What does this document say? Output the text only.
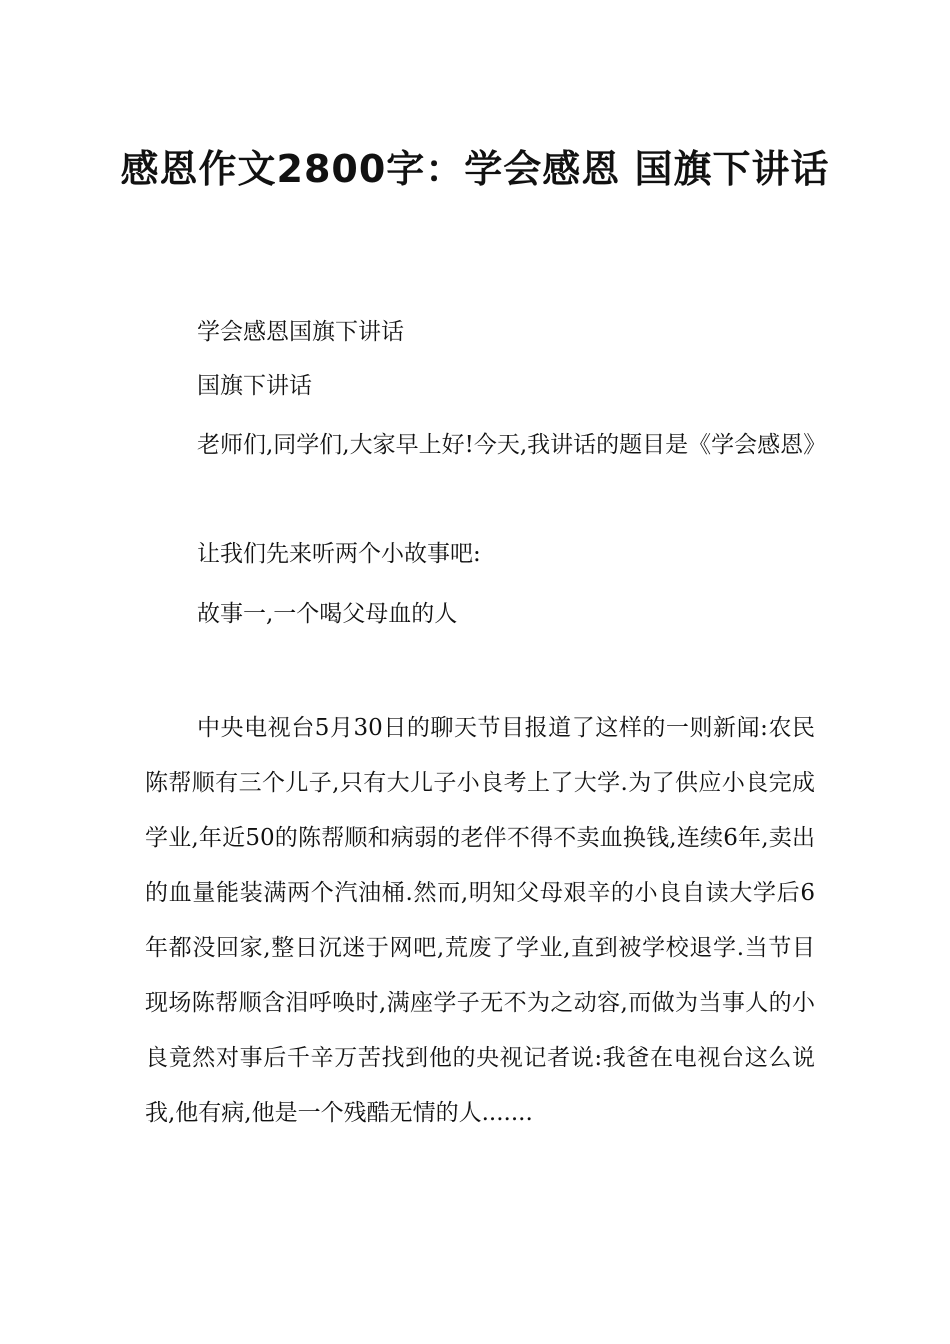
感恩作文2800字：学会感恩 国旗下讲话

学会感恩国旗下讲话

国旗下讲话

老师们,同学们,大家早上好!今天,我讲话的题目是《学会感恩》

让我们先来听两个小故事吧:

故事一,一个喝父母血的人

中央电视台5月30日的聊天节目报道了这样的一则新闻:农民陈帮顺有三个儿子,只有大儿子小良考上了大学.为了供应小良完成学业,年近50的陈帮顺和病弱的老伴不得不卖血换钱,连续6年,卖出的血量能装满两个汽油桶.然而,明知父母艰辛的小良自读大学后6年都没回家,整日沉迷于网吧,荒废了学业,直到被学校退学.当节目现场陈帮顺含泪呼唤时,满座学子无不为之动容,而做为当事人的小良竟然对事后千辛万苦找到他的央视记者说:我爸在电视台这么说我,他有病,他是一个残酷无情的人.......
